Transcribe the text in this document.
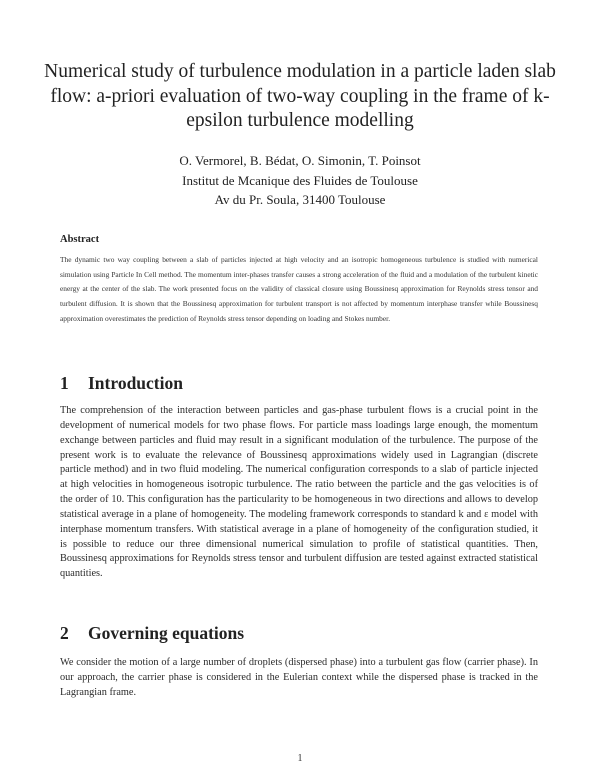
Numerical study of turbulence modulation in a particle laden slab flow: a-priori evaluation of two-way coupling in the frame of k-epsilon turbulence modelling
O. Vermorel, B. Bédat, O. Simonin, T. Poinsot
Institut de Mcanique des Fluides de Toulouse
Av du Pr. Soula, 31400 Toulouse
Abstract
The dynamic two way coupling between a slab of particles injected at high velocity and an isotropic homogeneous turbulence is studied with numerical simulation using Particle In Cell method. The momentum inter-phases transfer causes a strong acceleration of the fluid and a modulation of the turbulent kinetic energy at the center of the slab. The work presented focus on the validity of classical closure using Boussinesq approximation for Reynolds stress tensor and turbulent diffusion. It is shown that the Boussinesq approximation for turbulent transport is not affected by momentum interphase transfer while Boussinesq approximation overestimates the prediction of Reynolds stress tensor depending on loading and Stokes number.
1 Introduction
The comprehension of the interaction between particles and gas-phase turbulent flows is a crucial point in the development of numerical models for two phase flows. For particle mass loadings large enough, the momentum exchange between particles and fluid may result in a significant modulation of the turbulence. The purpose of the present work is to evaluate the relevance of Boussinesq approximations widely used in Lagrangian (discrete particle method) and in two fluid modeling. The numerical configuration corresponds to a slab of particle injected at high velocities in homogeneous isotropic turbulence. The ratio between the particle and the gas velocities is of the order of 10. This configuration has the particularity to be homogeneous in two directions and allows to develop statistical average in a plane of homogeneity. The modeling framework corresponds to standard k and ε model with interphase momentum transfers. With statistical average in a plane of homogeneity of the configuration studied, it is possible to reduce our three dimensional numerical simulation to profile of statistical quantities. Then, Boussinesq approximations for Reynolds stress tensor and turbulent diffusion are tested against extracted statistical quantities.
2 Governing equations
We consider the motion of a large number of droplets (dispersed phase) into a turbulent gas flow (carrier phase). In our approach, the carrier phase is considered in the Eulerian context while the dispersed phase is tracked in the Lagrangian frame.
1
